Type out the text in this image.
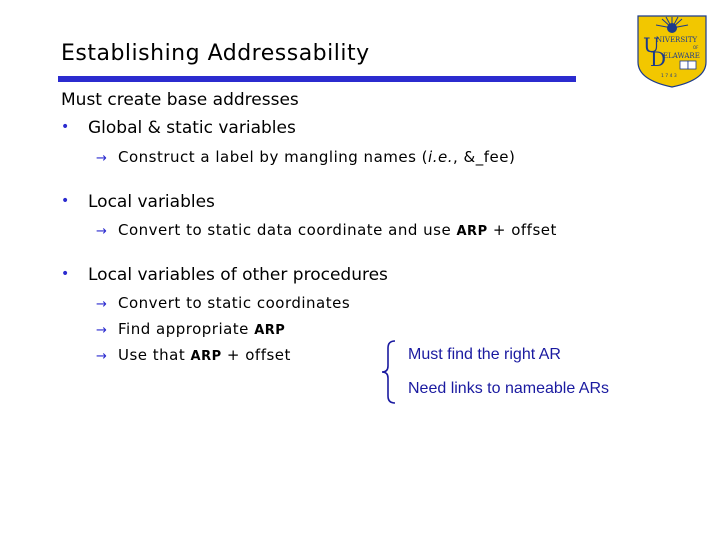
Establishing Addressability	U
NIVERSITY
OF
D
ELAWARE
1 7 4 3
Must create base addresses
• Global & static variables
→ Construct a label by mangling names (i.e., &_fee)
• Local variables
→ Convert to static data coordinate and use ARP + offset
• Local variables of other procedures
→ Convert to static coordinates
→ Find appropriate ARP
→ Use that ARP + offset	Must find the right AR
Need links to nameable ARs
